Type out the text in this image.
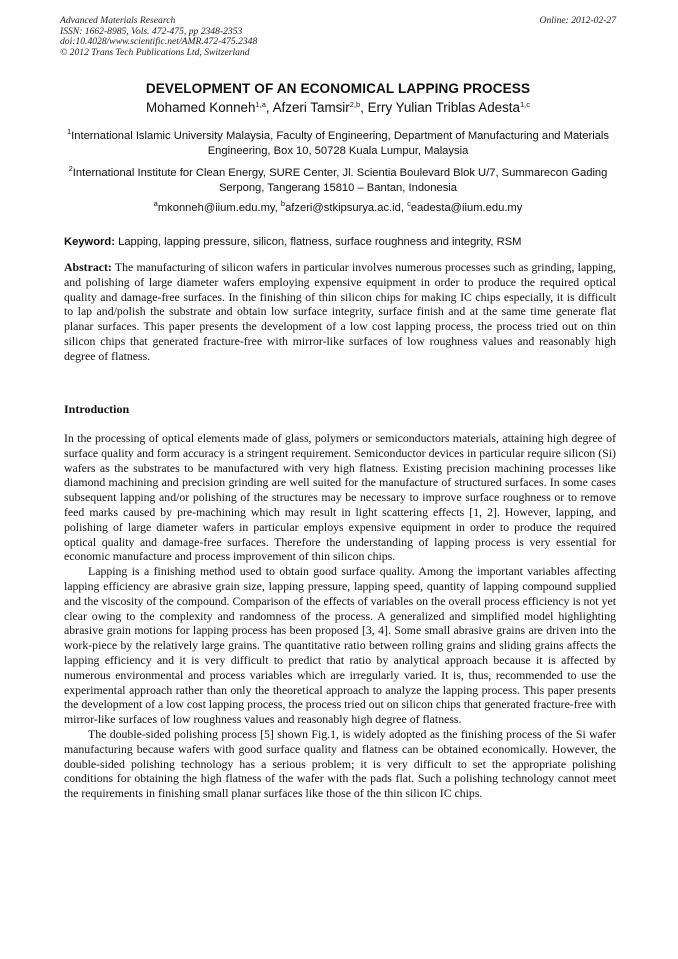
Advanced Materials Research
ISSN: 1662-8985, Vols. 472-475, pp 2348-2353
doi:10.4028/www.scientific.net/AMR.472-475.2348
© 2012 Trans Tech Publications Ltd, Switzerland
Online: 2012-02-27
DEVELOPMENT OF AN ECONOMICAL LAPPING PROCESS
Mohamed Konneh$^{1,a}$, Afzeri Tamsir$^{2,b}$, Erry Yulian Triblas Adesta$^{1,c}$
$^1$International Islamic University Malaysia, Faculty of Engineering, Department of Manufacturing and Materials Engineering, Box 10, 50728 Kuala Lumpur, Malaysia
$^2$International Institute for Clean Energy, SURE Center, Jl. Scientia Boulevard Blok U/7, Summarecon Gading Serpong, Tangerang 15810 – Bantan, Indonesia
$^a$mkonneh@iium.edu.my, $^b$afzeri@stkipsurya.ac.id, $^c$eadesta@iium.edu.my
Keyword: Lapping, lapping pressure, silicon, flatness, surface roughness and integrity, RSM
Abstract: The manufacturing of silicon wafers in particular involves numerous processes such as grinding, lapping, and polishing of large diameter wafers employing expensive equipment in order to produce the required optical quality and damage-free surfaces. In the finishing of thin silicon chips for making IC chips especially, it is difficult to lap and/polish the substrate and obtain low surface integrity, surface finish and at the same time generate flat planar surfaces. This paper presents the development of a low cost lapping process, the process tried out on thin silicon chips that generated fracture-free with mirror-like surfaces of low roughness values and reasonably high degree of flatness.
Introduction

In the processing of optical elements made of glass, polymers or semiconductors materials, attaining high degree of surface quality and form accuracy is a stringent requirement. Semiconductor devices in particular require silicon (Si) wafers as the substrates to be manufactured with very high flatness. Existing precision machining processes like diamond machining and precision grinding are well suited for the manufacture of structured surfaces. In some cases subsequent lapping and/or polishing of the structures may be necessary to improve surface roughness or to remove feed marks caused by pre-machining which may result in light scattering effects [1, 2]. However, lapping, and polishing of large diameter wafers in particular employs expensive equipment in order to produce the required optical quality and damage-free surfaces. Therefore the understanding of lapping process is very essential for economic manufacture and process improvement of thin silicon chips.

Lapping is a finishing method used to obtain good surface quality. Among the important variables affecting lapping efficiency are abrasive grain size, lapping pressure, lapping speed, quantity of lapping compound supplied and the viscosity of the compound. Comparison of the effects of variables on the overall process efficiency is not yet clear owing to the complexity and randomness of the process. A generalized and simplified model highlighting abrasive grain motions for lapping process has been proposed [3, 4]. Some small abrasive grains are driven into the work-piece by the relatively large grains. The quantitative ratio between rolling grains and sliding grains affects the lapping efficiency and it is very difficult to predict that ratio by analytical approach because it is affected by numerous environmental and process variables which are irregularly varied. It is, thus, recommended to use the experimental approach rather than only the theoretical approach to analyze the lapping process. This paper presents the development of a low cost lapping process, the process tried out on silicon chips that generated fracture-free with mirror-like surfaces of low roughness values and reasonably high degree of flatness.

The double-sided polishing process [5] shown Fig.1, is widely adopted as the finishing process of the Si wafer manufacturing because wafers with good surface quality and flatness can be obtained economically. However, the double-sided polishing technology has a serious problem; it is very difficult to set the appropriate polishing conditions for obtaining the high flatness of the wafer with the pads flat. Such a polishing technology cannot meet the requirements in finishing small planar surfaces like those of the thin silicon IC chips.
